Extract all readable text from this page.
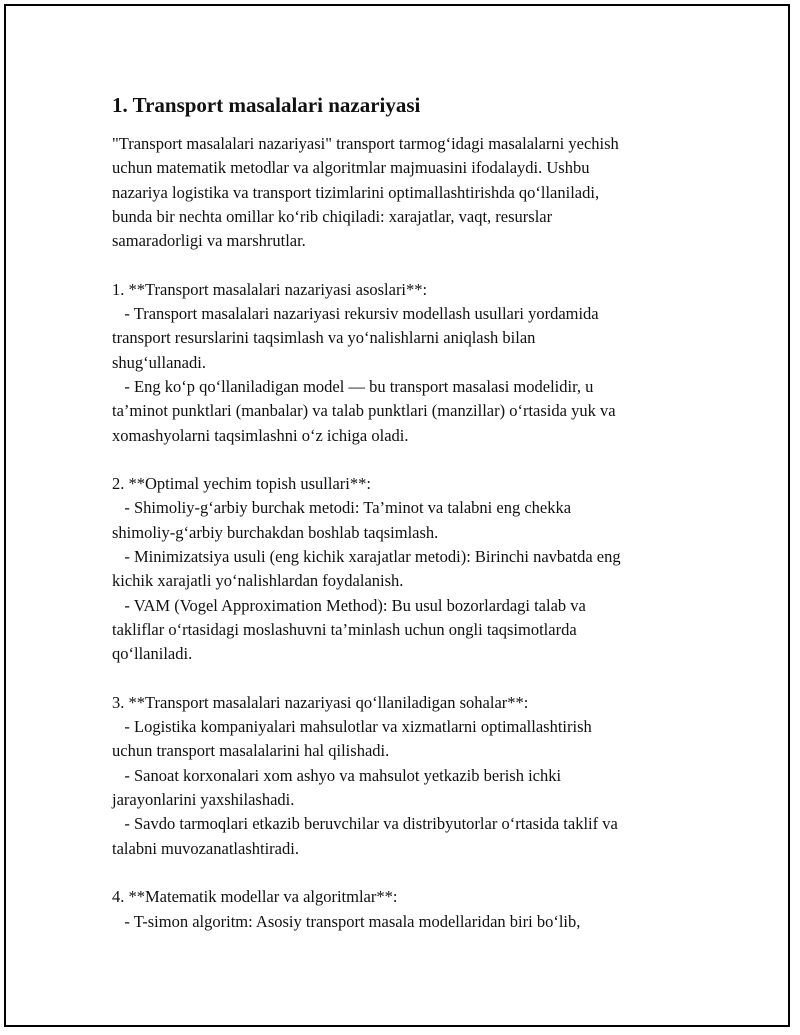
1. Transport masalalari nazariyasi

"Transport masalalari nazariyasi" transport tarmog‘idagi masalalarni yechish

uchun matematik metodlar va algoritmlar majmuasini ifodalaydi. Ushbu

nazariya logistika va transport tizimlarini optimallashtirishda qo‘llaniladi,

bunda bir nechta omillar ko‘rib chiqiladi: xarajatlar, vaqt, resurslar

samaradorligi va marshrutlar.

1. **Transport masalalari nazariyasi asoslari**:

- Transport masalalari nazariyasi rekursiv modellash usullari yordamida

transport resurslarini taqsimlash va yo‘nalishlarni aniqlash bilan

shug‘ullanadi.

- Eng ko‘p qo‘llaniladigan model — bu transport masalasi modelidir, u

ta’minot punktlari (manbalar) va talab punktlari (manzillar) o‘rtasida yuk va

xomashyolarni taqsimlashni o‘z ichiga oladi.

2. **Optimal yechim topish usullari**:

- Shimoliy-g‘arbiy burchak metodi: Ta’minot va talabni eng chekka

shimoliy-g‘arbiy burchakdan boshlab taqsimlash.

- Minimizatsiya usuli (eng kichik xarajatlar metodi): Birinchi navbatda eng

kichik xarajatli yo‘nalishlardan foydalanish.

- VAM (Vogel Approximation Method): Bu usul bozorlardagi talab va

takliflar o‘rtasidagi moslashuvni ta’minlash uchun ongli taqsimotlarda

qo‘llaniladi.

3. **Transport masalalari nazariyasi qo‘llaniladigan sohalar**:

- Logistika kompaniyalari mahsulotlar va xizmatlarni optimallashtirish

uchun transport masalalarini hal qilishadi.

- Sanoat korxonalari xom ashyo va mahsulot yetkazib berish ichki

jarayonlarini yaxshilashadi.

- Savdo tarmoqlari etkazib beruvchilar va distribyutorlar o‘rtasida taklif va

talabni muvozanatlashtiradi.

4. **Matematik modellar va algoritmlar**:

- T-simon algoritm: Asosiy transport masala modellaridan biri bo‘lib,
